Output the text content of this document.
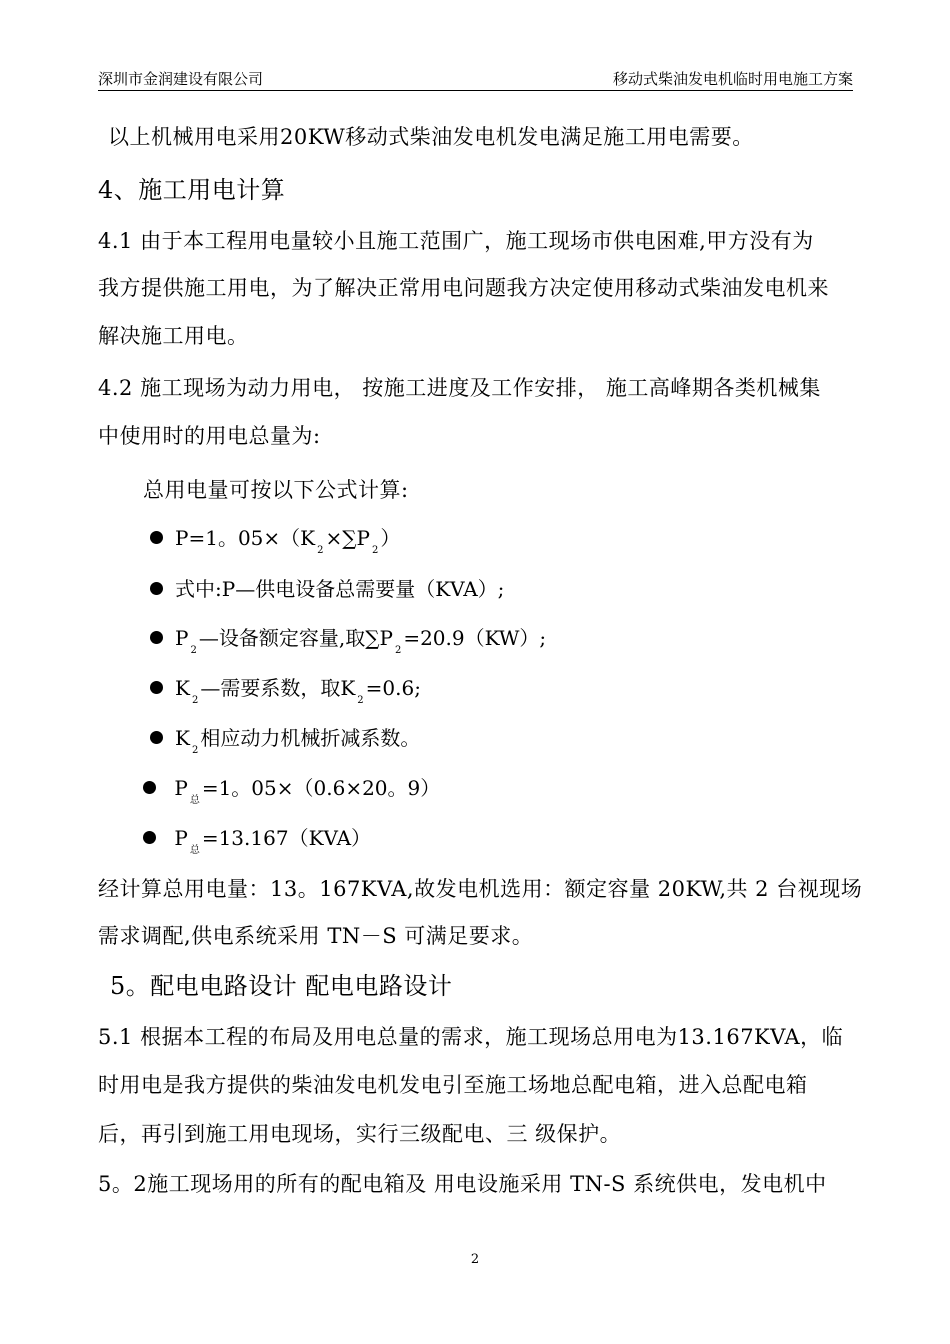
深圳市金润建设有限公司	移动式柴油发电机临时用电施工方案
以上机械用电采用20KW移动式柴油发电机发电满足施工用电需要。
4、施工用电计算
4.1 由于本工程用电量较小且施工范围广，施工现场市供电困难,甲方没有为
我方提供施工用电，为了解决正常用电问题我方决定使用移动式柴油发电机来
解决施工用电。
4.2 施工现场为动力用电， 按施工进度及工作安排， 施工高峰期各类机械集
中使用时的用电总量为:
总用电量可按以下公式计算:
P=1。$05\times(K_2\times\sum P_2)$
式中:P—供电设备总需要量（KVA）;
$P_2—$设备额定容量,取$\sum P_2=20.9(KW)$;
$K_2—$需要系数，取$K_2=0.6$;
$K_2$相应动力机械折减系数。
$P_总=1$。05×（0.6×20。9）
$P_总=13.167(KVA)$
经计算总用电量：13。167KVA,故发电机选用：额定容量 20KW,共 2 台视现场
需求调配,供电系统采用 TN－S 可满足要求。
5。配电电路设计 配电电路设计
5.1 根据本工程的布局及用电总量的需求，施工现场总用电为13.167KVA，临
时用电是我方提供的柴油发电机发电引至施工场地总配电箱，进入总配电箱
后，再引到施工用电现场，实行三级配电、三 级保护。
5。2施工现场用的所有的配电箱及 用电设施采用 TN-S 系统供电，发电机中
2
